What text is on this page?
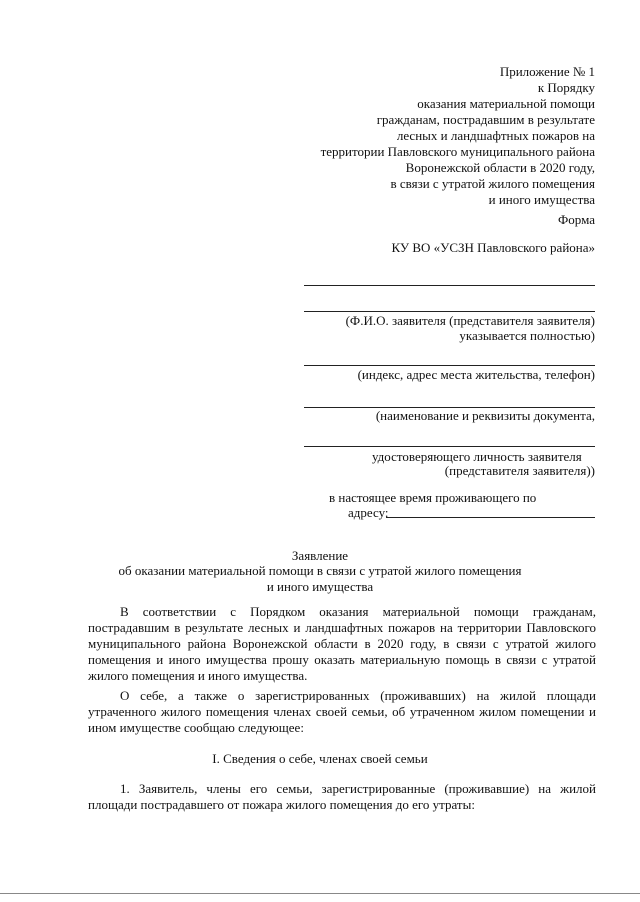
Приложение № 1
к Порядку
оказания материальной помощи
гражданам, пострадавшим в результате
лесных и ландшафтных пожаров на
территории Павловского муниципального района
Воронежской области в 2020 году,
в связи с утратой жилого помещения
и иного имущества
Форма
КУ ВО «УСЗН Павловского района»
(Ф.И.О. заявителя (представителя заявителя)
указывается полностью)
(индекс, адрес места жительства, телефон)
(наименование и реквизиты документа,
удостоверяющего личность заявителя
(представителя заявителя))
в настоящее время проживающего по
адресу:
Заявление
об оказании материальной помощи в связи с утратой жилого помещения
и иного имущества
В соответствии с Порядком оказания материальной помощи гражданам,
пострадавшим в результате лесных и ландшафтных пожаров на территории Павловского
муниципального района Воронежской области в 2020 году, в связи с утратой жилого
помещения и иного имущества прошу оказать материальную помощь в связи с утратой
жилого помещения и иного имущества.
О себе, а также о зарегистрированных (проживавших) на жилой площади
утраченного жилого помещения членах своей семьи, об утраченном жилом помещении и
ином имуществе сообщаю следующее:
I. Сведения о себе, членах своей семьи
1. Заявитель, члены его семьи, зарегистрированные (проживавшие) на жилой
площади пострадавшего от пожара жилого помещения до его утраты:
